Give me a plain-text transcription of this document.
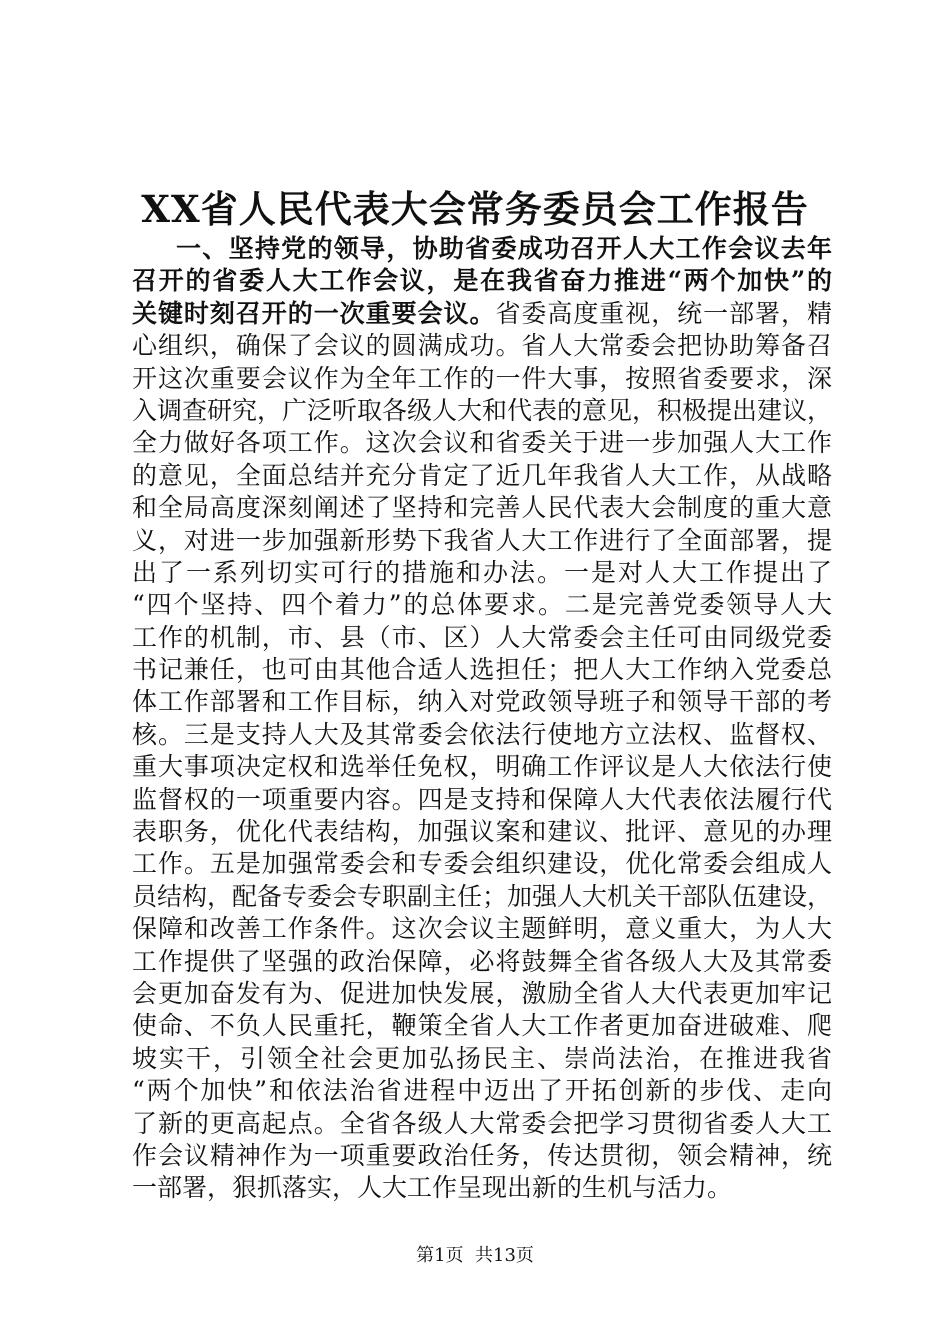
XX省人民代表大会常务委员会工作报告
一、坚持党的领导，协助省委成功召开人大工作会议去年
召开的省委人大工作会议，是在我省奋力推进“两个加快”的
关键时刻召开的一次重要会议。省委高度重视，统一部署，精
心组织，确保了会议的圆满成功。省人大常委会把协助筹备召
开这次重要会议作为全年工作的一件大事，按照省委要求，深
入调查研究，广泛听取各级人大和代表的意见，积极提出建议，
全力做好各项工作。这次会议和省委关于进一步加强人大工作
的意见，全面总结并充分肯定了近几年我省人大工作，从战略
和全局高度深刻阐述了坚持和完善人民代表大会制度的重大意
义，对进一步加强新形势下我省人大工作进行了全面部署，提
出了一系列切实可行的措施和办法。一是对人大工作提出了
“四个坚持、四个着力”的总体要求。二是完善党委领导人大
工作的机制，市、县（市、区）人大常委会主任可由同级党委
书记兼任，也可由其他合适人选担任；把人大工作纳入党委总
体工作部署和工作目标，纳入对党政领导班子和领导干部的考
核。三是支持人大及其常委会依法行使地方立法权、监督权、
重大事项决定权和选举任免权，明确工作评议是人大依法行使
监督权的一项重要内容。四是支持和保障人大代表依法履行代
表职务，优化代表结构，加强议案和建议、批评、意见的办理
工作。五是加强常委会和专委会组织建设，优化常委会组成人
员结构，配备专委会专职副主任；加强人大机关干部队伍建设，
保障和改善工作条件。这次会议主题鲜明，意义重大，为人大
工作提供了坚强的政治保障，必将鼓舞全省各级人大及其常委
会更加奋发有为、促进加快发展，激励全省人大代表更加牢记
使命、不负人民重托，鞭策全省人大工作者更加奋进破难、爬
坡实干，引领全社会更加弘扬民主、崇尚法治，在推进我省
“两个加快”和依法治省进程中迈出了开拓创新的步伐、走向
了新的更高起点。全省各级人大常委会把学习贯彻省委人大工
作会议精神作为一项重要政治任务，传达贯彻，领会精神，统
一部署，狠抓落实，人大工作呈现出新的生机与活力。
第1页  共13页
